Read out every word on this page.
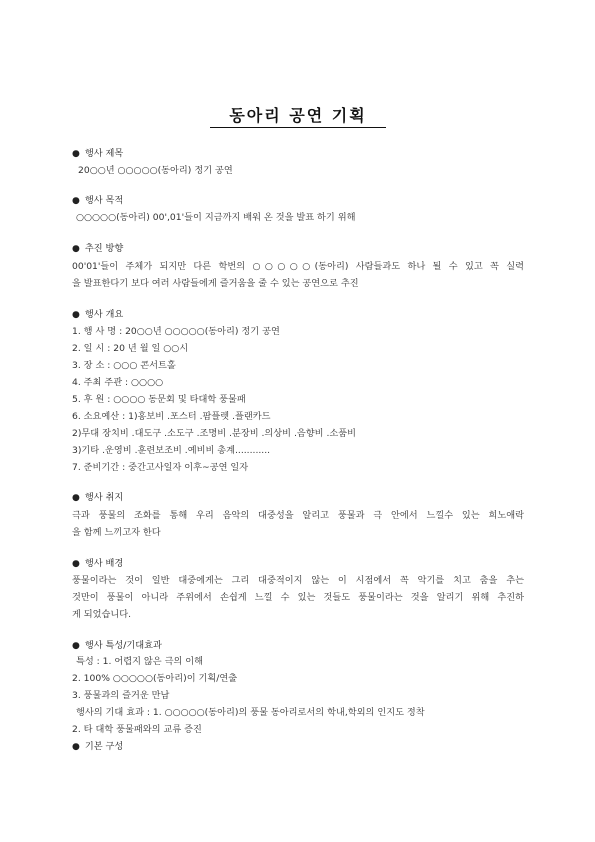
동아리 공연 기획
● 행사 제목
20○○년 ○○○○○(동아리) 정기 공연
● 행사 목적
○○○○○(동아리) 00',01'들이 지금까지 배워 온 것을 발표 하기 위해
● 추진 방향
00'01'들이 주체가 되지만 다른 학번의 ○○○○○(동아리) 사람들과도 하나 될 수 있고 꼭 실력
을 발표한다기 보다 여러 사람들에게 즐거움을 줄 수 있는 공연으로 추진
● 행사 개요
1. 행 사 명 : 20○○년 ○○○○○(동아리) 정기 공연
2. 일 시 : 20 년 월 일 ○○시
3. 장 소 : ○○○ 콘서트홀
4. 주최 주관 : ○○○○
5. 후 원 : ○○○○ 동문회 및 타대학 풍물패
6. 소요예산 : 1)홍보비 .포스터 .팜플렛 .플랜카드
2)무대 장치비 .대도구 .소도구 .조명비 .분장비 .의상비 .음향비 .소품비
3)기타 .운영비 .훈련보조비 .예비비 총계............
7. 준비기간 : 중간고사일자 이후~공연 일자
● 행사 취지
극과 풍물의 조화를 통해 우리 음악의 대중성을 알리고 풍물과 극 안에서 느낄수 있는 희노애락
을 함께 느끼고자 한다
● 행사 배경
풍물이라는 것이 일반 대중에게는 그리 대중적이지 않는 이 시점에서 꼭 악기를 치고 춤을 추는
것만이 풍물이 아니라 주위에서 손쉽게 느낄 수 있는 것들도 풍물이라는 것을 알리기 위해 추진하
게 되었습니다.
● 행사 특성/기대효과
특성 : 1. 어렵지 않은 극의 이해
2. 100% ○○○○○(동아리)이 기획/연출
3. 풍물과의 즐거운 만남
행사의 기대 효과 : 1. ○○○○○(동아리)의 풍물 동아리로서의 학내,학외의 인지도 정착
2. 타 대학 풍물패와의 교류 증진
● 기본 구성
